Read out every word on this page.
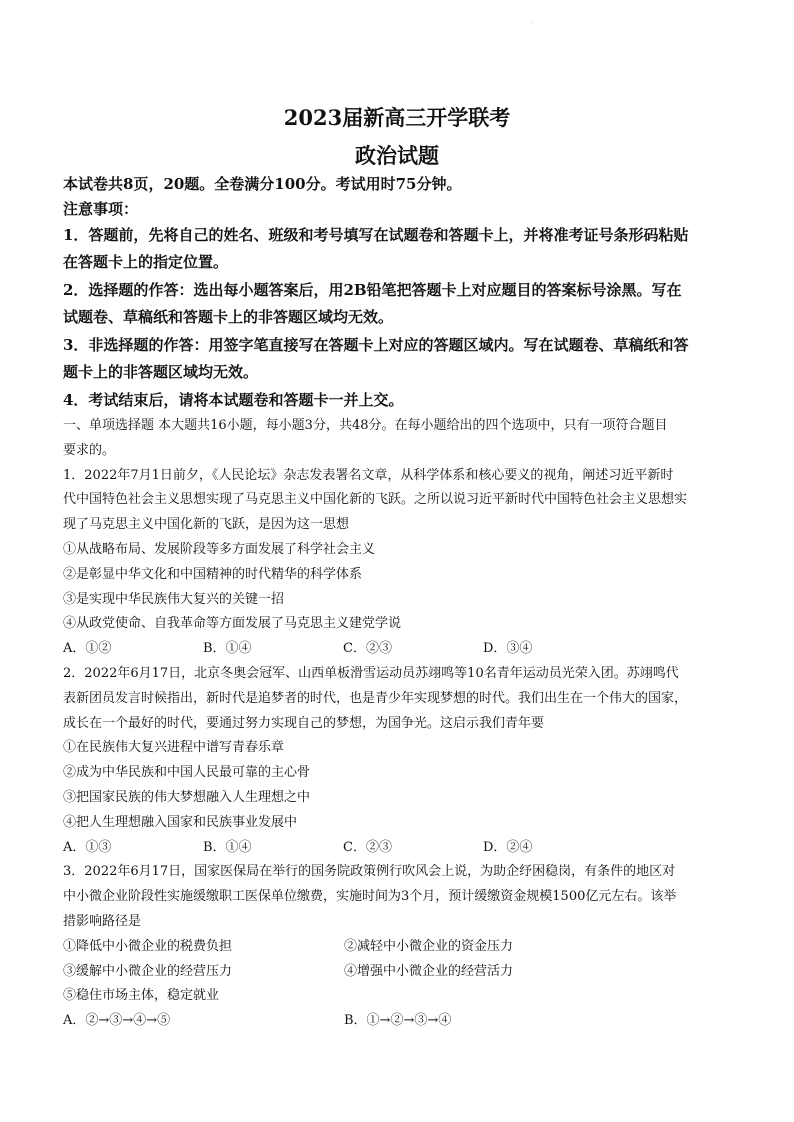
·
2023届新高三开学联考
政治试题
本试卷共8页，20题。全卷满分100分。考试用时75分钟。
注意事项：
1．答题前，先将自己的姓名、班级和考号填写在试题卷和答题卡上，并将准考证号条形码粘贴
在答题卡上的指定位置。
2．选择题的作答：选出每小题答案后，用2B铅笔把答题卡上对应题目的答案标号涂黑。写在
试题卷、草稿纸和答题卡上的非答题区域均无效。
3．非选择题的作答：用签字笔直接写在答题卡上对应的答题区域内。写在试题卷、草稿纸和答
题卡上的非答题区域均无效。
4．考试结束后，请将本试题卷和答题卡一并上交。
一、单项选择题 本大题共16小题，每小题3分，共48分。在每小题给出的四个选项中，只有一项符合题目
要求的。
1．2022年7月1日前夕，《人民论坛》杂志发表署名文章，从科学体系和核心要义的视角，阐述习近平新时
代中国特色社会主义思想实现了马克思主义中国化新的飞跃。之所以说习近平新时代中国特色社会主义思想实
现了马克思主义中国化新的飞跃，是因为这一思想
①从战略布局、发展阶段等多方面发展了科学社会主义
②是彰显中华文化和中国精神的时代精华的科学体系
③是实现中华民族伟大复兴的关键一招
④从政党使命、自我革命等方面发展了马克思主义建党学说
A．①②	B．①④	C．②③	D．③④
2．2022年6月17日，北京冬奥会冠军、山西单板滑雪运动员苏翊鸣等10名青年运动员光荣入团。苏翊鸣代
表新团员发言时候指出，新时代是追梦者的时代，也是青少年实现梦想的时代。我们出生在一个伟大的国家，
成长在一个最好的时代，要通过努力实现自己的梦想，为国争光。这启示我们青年要
①在民族伟大复兴进程中谱写青春乐章
②成为中华民族和中国人民最可靠的主心骨
③把国家民族的伟大梦想融入人生理想之中
④把人生理想融入国家和民族事业发展中
A．①③	B．①④	C．②③	D．②④
3．2022年6月17日，国家医保局在举行的国务院政策例行吹风会上说，为助企纾困稳岗，有条件的地区对
中小微企业阶段性实施缓缴职工医保单位缴费，实施时间为3个月，预计缓缴资金规模1500亿元左右。该举
措影响路径是
①降低中小微企业的税费负担	②减轻中小微企业的资金压力
③缓解中小微企业的经营压力	④增强中小微企业的经营活力
⑤稳住市场主体，稳定就业
A．②→③→④→⑤	B．①→②→③→④
